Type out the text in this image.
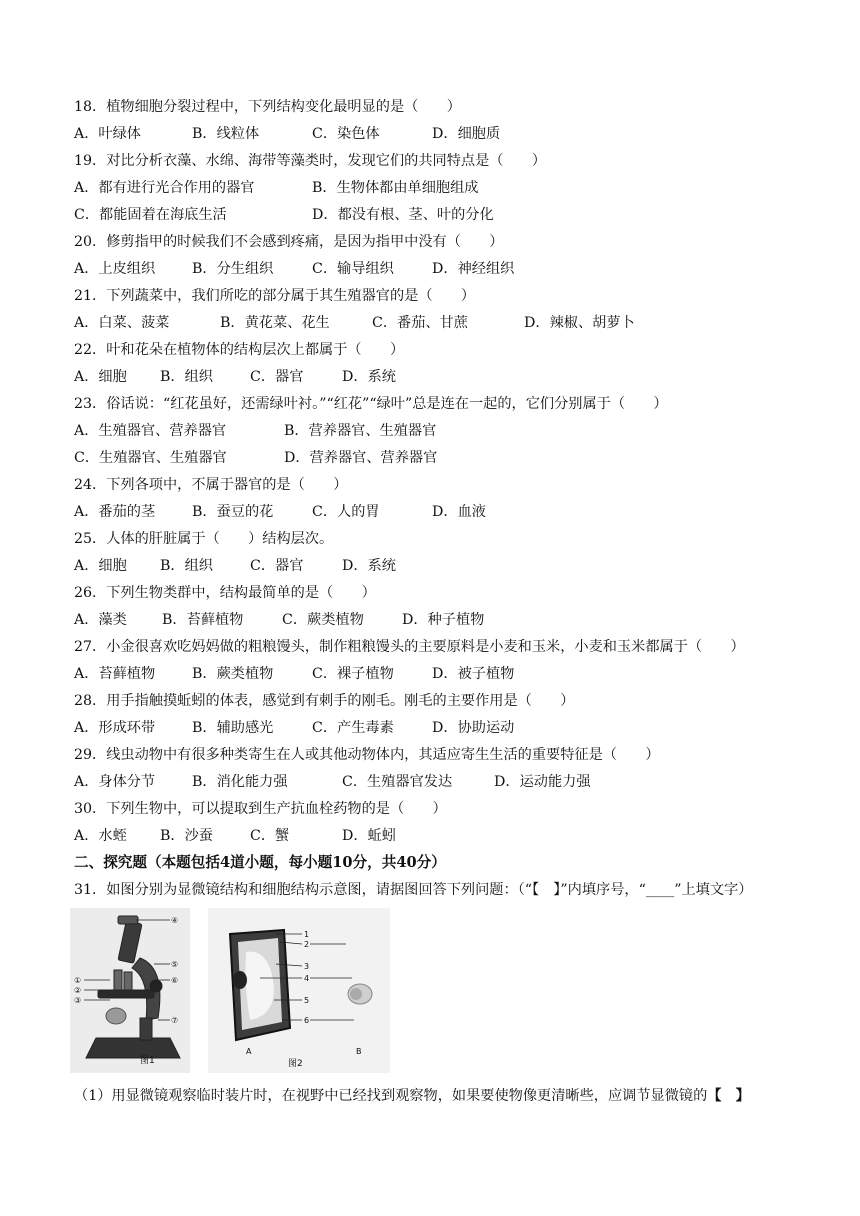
18．植物细胞分裂过程中，下列结构变化最明显的是（　　）
A．叶绿体	B．线粒体	C．染色体	D．细胞质
19．对比分析衣藻、水绵、海带等藻类时，发现它们的共同特点是（　　）
A．都有进行光合作用的器官	B．生物体都由单细胞组成
C．都能固着在海底生活	D．都没有根、茎、叶的分化
20．修剪指甲的时候我们不会感到疼痛，是因为指甲中没有（　　）
A．上皮组织	B．分生组织	C．输导组织	D．神经组织
21．下列蔬菜中，我们所吃的部分属于其生殖器官的是（　　）
A．白菜、菠菜	B．黄花菜、花生	C．番茄、甘蔗	D．辣椒、胡萝卜
22．叶和花朵在植物体的结构层次上都属于（　　）
A．细胞 B．组织	C．器官	D．系统
23．俗话说：“红花虽好，还需绿叶衬。”“红花”“绿叶”总是连在一起的，它们分别属于（　　）
A．生殖器官、营养器官	B．营养器官、生殖器官
C．生殖器官、生殖器官	D．营养器官、营养器官
24．下列各项中，不属于器官的是（　　）
A．番茄的茎	B．蚕豆的花	C．人的胃	D．血液
25．人体的肝脏属于（　　）结构层次。
A．细胞 B．组织	C．器官	D．系统
26．下列生物类群中，结构最简单的是（　　）
A．藻类 B．苔藓植物	C．蕨类植物	D．种子植物
27．小金很喜欢吃妈妈做的粗粮馒头，制作粗粮馒头的主要原料是小麦和玉米，小麦和玉米都属于（　　）
A．苔藓植物	B．蕨类植物	C．裸子植物	D．被子植物
28．用手指触摸蚯蚓的体表，感觉到有刺手的刚毛。刚毛的主要作用是（　　）
A．形成环带	B．辅助感光	C．产生毒素	D．协助运动
29．线虫动物中有很多种类寄生在人或其他动物体内，其适应寄生生活的重要特征是（　　）
A．身体分节	B．消化能力强	C．生殖器官发达	D．运动能力强
30．下列生物中，可以提取到生产抗血栓药物的是（　　）
A．水蛭 B．沙蚕	C．蟹	D．蚯蚓
二、探究题（本题包括4道小题，每小题10分，共40分）
31．如图分别为显微镜结构和细胞结构示意图，请据图回答下列问题：（“【　】”内填序号，“____”上填文字）
①
②
③
④
⑤
⑥
⑦
图1
1
2
3
4
5
6
A
图2
B
（1）用显微镜观察临时装片时，在视野中已经找到观察物，如果要使物像更清晰些，应调节显微镜的【　】
